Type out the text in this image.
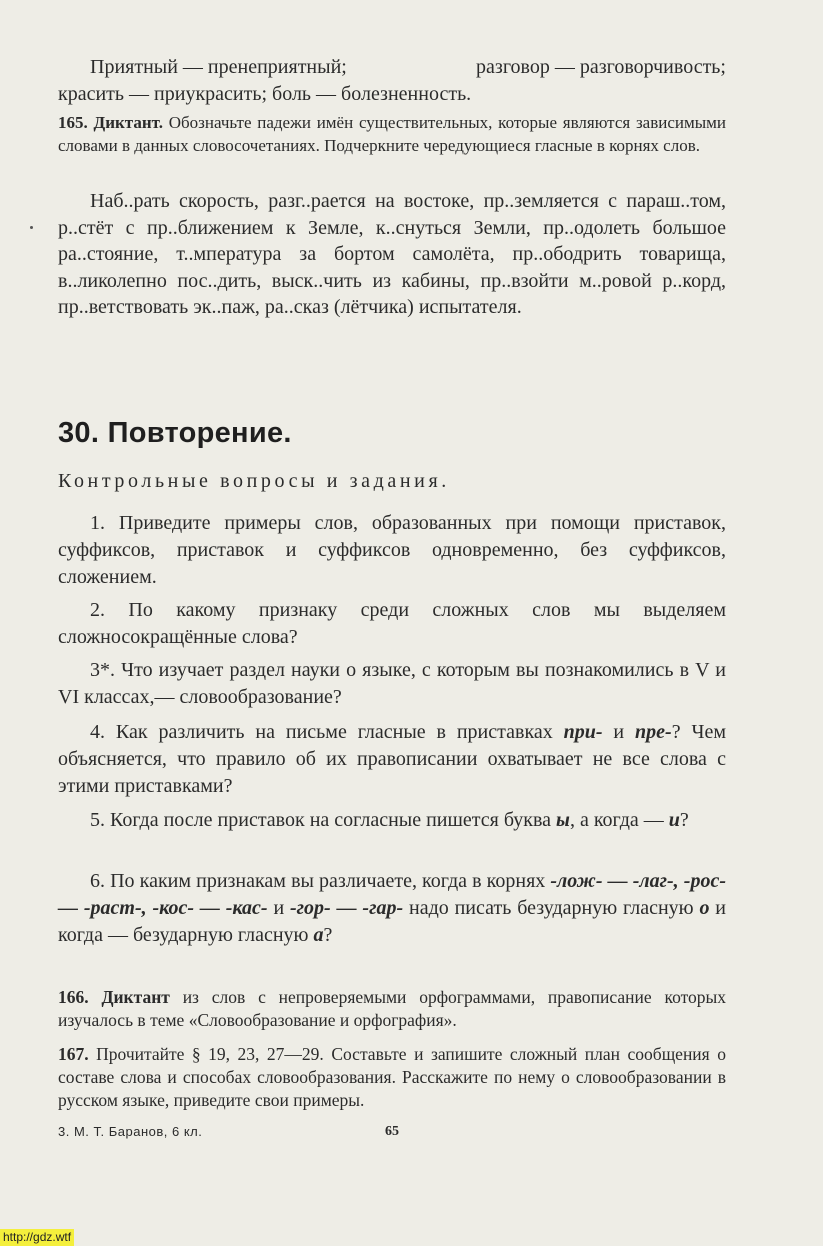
Приятный — пренеприятный;	разговор — разговорчивость;
красить — приукрасить; боль — болезненность.
165. Диктант. Обозначьте падежи имён существительных, которые являются зависимыми словами в данных словосочетаниях. Подчеркните чередующиеся гласные в корнях слов.
Наб..рать скорость, разг..рается на востоке, пр..земляется с параш..том, р..стёт с пр..ближением к Земле, к..снуться Земли, пр..одолеть большое ра..стояние, т..мпература за бортом самолёта, пр..ободрить товарища, в..ликолепно пос..дить, выск..чить из кабины, пр..взойти м..ровой р..корд, пр..ветствовать эк..паж, ра..сказ (лётчика) испытателя.
30. Повторение.
Контрольные вопросы и задания.
1. Приведите примеры слов, образованных при помощи приставок, суффиксов, приставок и суффиксов одновременно, без суффиксов, сложением.
2. По какому признаку среди сложных слов мы выделяем сложносокращённые слова?
3*. Что изучает раздел науки о языке, с которым вы познакомились в V и VI классах,— словообразование?
4. Как различить на письме гласные в приставках при- и пре-? Чем объясняется, что правило об их правописании охватывает не все слова с этими приставками?
5. Когда после приставок на согласные пишется буква ы, а когда — и?
6. По каким признакам вы различаете, когда в корнях -лож- — -лаг-, -рос- — -раст-, -кос- — -кас- и -гор- — -гар- надо писать безударную гласную о и когда — безударную гласную а?
166. Диктант из слов с непроверяемыми орфограммами, правописание которых изучалось в теме «Словообразование и орфография».
167. Прочитайте § 19, 23, 27—29. Составьте и запишите сложный план сообщения о составе слова и способах словообразования. Расскажите по нему о словообразовании в русском языке, приведите свои примеры.
3. М. Т. Баранов, 6 кл.	65
http://gdz.wtf
